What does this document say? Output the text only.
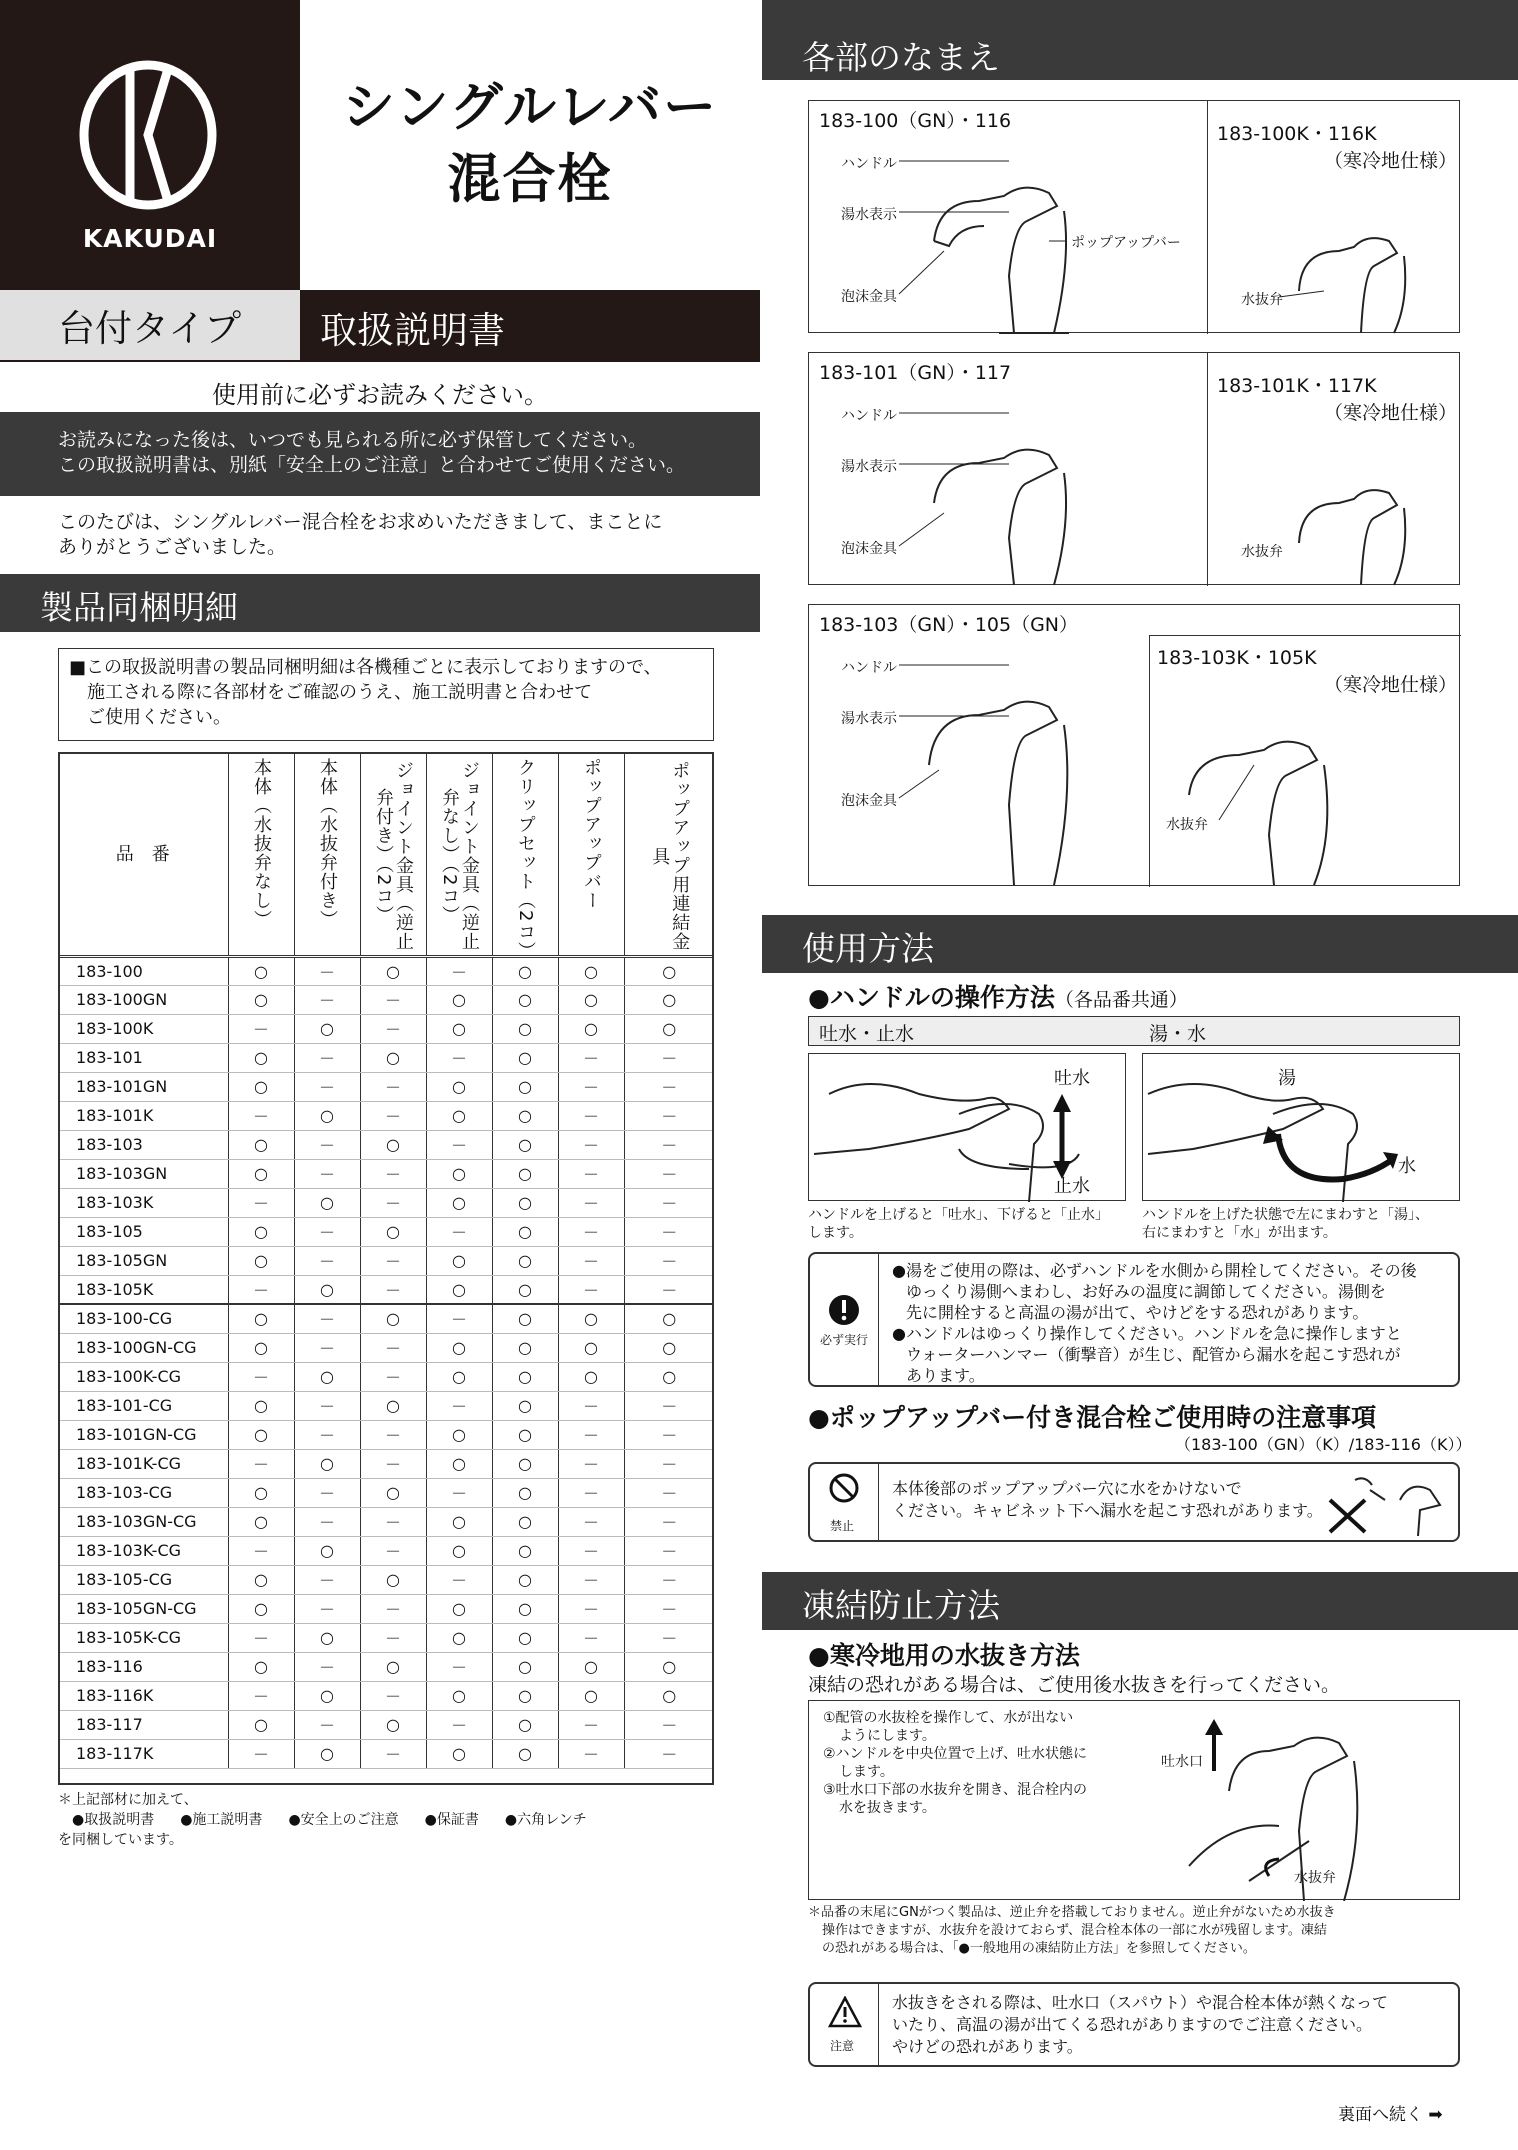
KAKUDAI
シングルレバー
混合栓
台付タイプ	取扱説明書
使用前に必ずお読みください。
お読みになった後は、いつでも見られる所に必ず保管してください。
この取扱説明書は、別紙「安全上のご注意」と合わせてご使用ください。
このたびは、シングルレバー混合栓をお求めいただきまして、まことに
ありがとうございました。
製品同梱明細
■この取扱説明書の製品同梱明細は各機種ごとに表示しておりますので、
施工される際に各部材をご確認のうえ、施工説明書と合わせて
ご使用ください。
品　番	本体（水抜弁なし）	本体（水抜弁付き）	ジョイント金具（逆止弁付き）（2コ）	ジョイント金具（逆止弁なし）（2コ）	クリップセット（2コ）	ポップアップバー	ポップアップ用連結金具

183-100	○	－	○	－	○	○	○
183-100GN	○	－	－	○	○	○	○
183-100K	－	○	－	○	○	○	○
183-101	○	－	○	－	○	－	－
183-101GN	○	－	－	○	○	－	－
183-101K	－	○	－	○	○	－	－
183-103	○	－	○	－	○	－	－
183-103GN	○	－	－	○	○	－	－
183-103K	－	○	－	○	○	－	－
183-105	○	－	○	－	○	－	－
183-105GN	○	－	－	○	○	－	－
183-105K	－	○	－	○	○	－	－
183-100-CG	○	－	○	－	○	○	○
183-100GN-CG	○	－	－	○	○	○	○
183-100K-CG	－	○	－	○	○	○	○
183-101-CG	○	－	○	－	○	－	－
183-101GN-CG	○	－	－	○	○	－	－
183-101K-CG	－	○	－	○	○	－	－
183-103-CG	○	－	○	－	○	－	－
183-103GN-CG	○	－	－	○	○	－	－
183-103K-CG	－	○	－	○	○	－	－
183-105-CG	○	－	○	－	○	－	－
183-105GN-CG	○	－	－	○	○	－	－
183-105K-CG	－	○	－	○	○	－	－
183-116	○	－	○	－	○	○	○
183-116K	－	○	－	○	○	○	○
183-117	○	－	○	－	○	－	－
183-117K	－	○	－	○	○	－	－
＊上記部材に加えて、
●取扱説明書 ●施工説明書 ●安全上のご注意 ●保証書 ●六角レンチ
を同梱しています。
各部のなまえ
183-100（GN）・116
183-100K・116K
（寒冷地仕様）
ハンドル
湯水表示
泡沫金具
ポップアップバー
水抜弁
183-101（GN）・117
183-101K・117K
（寒冷地仕様）
ハンドル
湯水表示
泡沫金具	水抜弁
183-103（GN）・105（GN）
183-103K・105K
（寒冷地仕様）
ハンドル
湯水表示
泡沫金具
水抜弁
使用方法
●ハンドルの操作方法（各品番共通）
吐水・止水	湯・水
吐水
止水
湯
水
ハンドルを上げると「吐水」、下げると「止水」
します。
ハンドルを上げた状態で左にまわすと「湯」、
右にまわすと「水」が出ます。
必ず実行
●湯をご使用の際は、必ずハンドルを水側から開栓してください。その後
ゆっくり湯側へまわし、お好みの温度に調節してください。湯側を
先に開栓すると高温の湯が出て、やけどをする恐れがあります。
●ハンドルはゆっくり操作してください。ハンドルを急に操作しますと
ウォーターハンマー（衝撃音）が生じ、配管から漏水を起こす恐れが
あります。
●ポップアップバー付き混合栓ご使用時の注意事項
（183-100（GN）（K）/183-116（K））
禁止
本体後部のポップアップバー穴に水をかけないで
ください。キャビネット下へ漏水を起こす恐れがあります。
凍結防止方法
●寒冷地用の水抜き方法
凍結の恐れがある場合は、ご使用後水抜きを行ってください。
①配管の水抜栓を操作して、水が出ない
ようにします。
②ハンドルを中央位置で上げ、吐水状態に
します。
③吐水口下部の水抜弁を開き、混合栓内の
水を抜きます。
吐水口
水抜弁
＊品番の末尾にGNがつく製品は、逆止弁を搭載しておりません。逆止弁がないため水抜き
操作はできますが、水抜弁を設けておらず、混合栓本体の一部に水が残留します。凍結
の恐れがある場合は、「●一般地用の凍結防止方法」を参照してください。
注意
水抜きをされる際は、吐水口（スパウト）や混合栓本体が熱くなって
いたり、高温の湯が出てくる恐れがありますのでご注意ください。
やけどの恐れがあります。
裏面へ続く ➡
